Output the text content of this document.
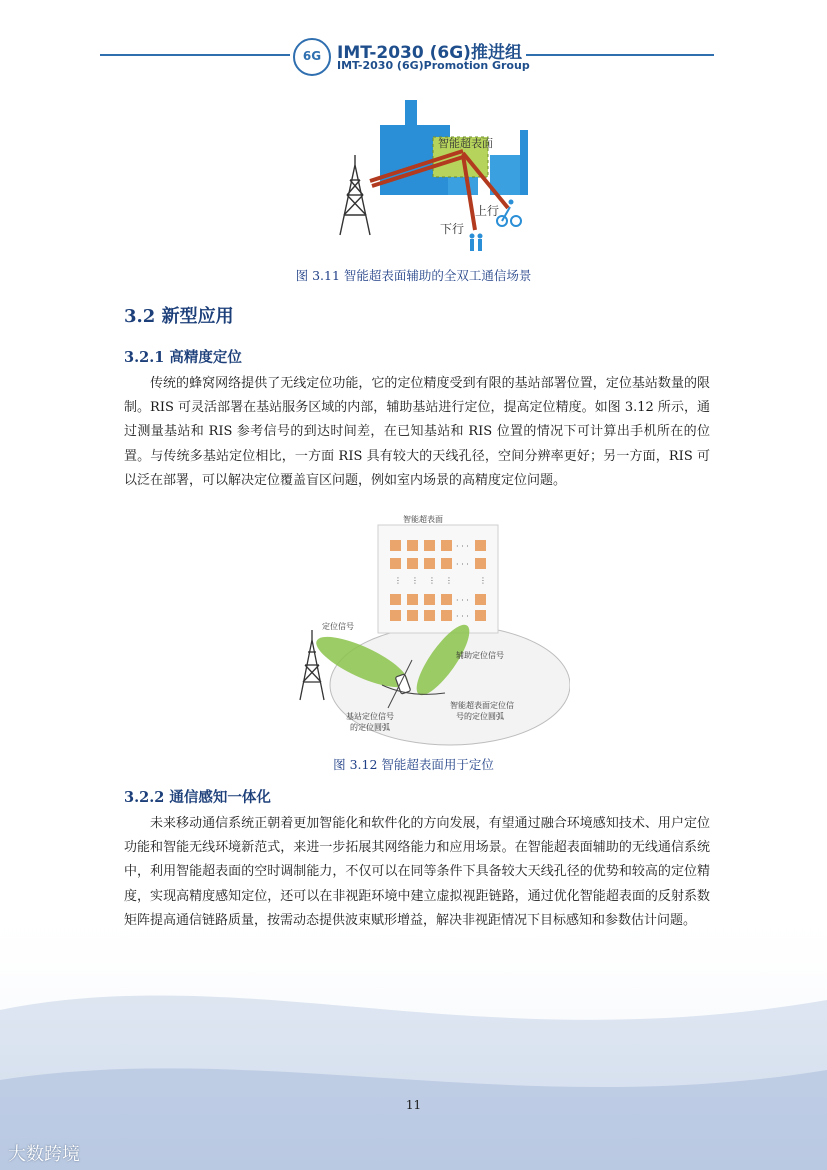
6G IMT-2030 (6G)推进组
IMT-2030 (6G)Promotion Group
智能超表面
上行
下行
图 3.11 智能超表面辅助的全双工通信场景
3.2 新型应用
3.2.1 高精度定位
传统的蜂窝网络提供了无线定位功能，它的定位精度受到有限的基站部署位置，定位基站数量的限制。RIS 可灵活部署在基站服务区域的内部，辅助基站进行定位，提高定位精度。如图 3.12 所示，通过测量基站和 RIS 参考信号的到达时间差，在已知基站和 RIS 位置的情况下可计算出手机所在的位置。与传统多基站定位相比，一方面 RIS 具有较大的天线孔径，空间分辨率更好；另一方面，RIS 可以泛在部署，可以解决定位覆盖盲区问题，例如室内场景的高精度定位问题。
智能超表面
· · ·
· · ·
· · ·
· · ·
⋮ ⋮ ⋮ ⋮	⋮
定位信号
辅助定位信号
基站定位信号
的定位圆弧
智能超表面定位信
号的定位圆弧
图 3.12 智能超表面用于定位
3.2.2 通信感知一体化
未来移动通信系统正朝着更加智能化和软件化的方向发展，有望通过融合环境感知技术、用户定位功能和智能无线环境新范式，来进一步拓展其网络能力和应用场景。在智能超表面辅助的无线通信系统中，利用智能超表面的空时调制能力，不仅可以在同等条件下具备较大天线孔径的优势和较高的定位精度，实现高精度感知定位，还可以在非视距环境中建立虚拟视距链路，通过优化智能超表面的反射系数矩阵提高通信链路质量，按需动态提供波束赋形增益，解决非视距情况下目标感知和参数估计问题。
11
大数跨境
